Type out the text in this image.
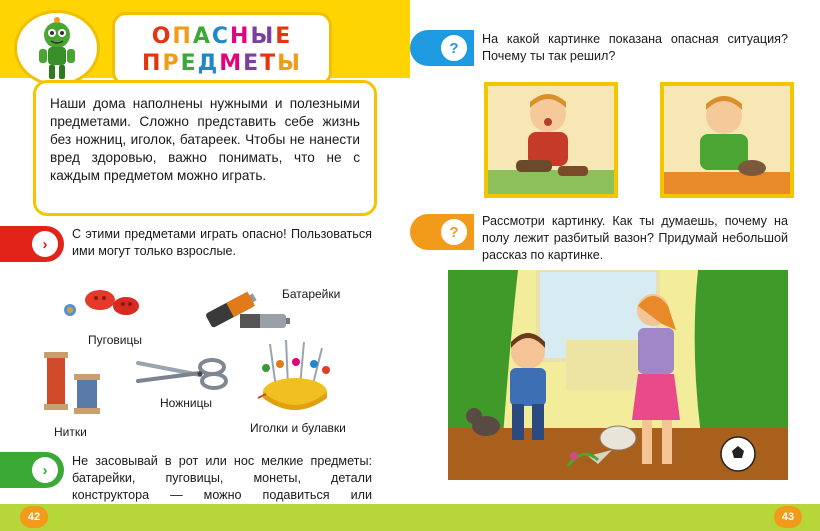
ОПАСНЫЕ
ПРЕДМЕТЫ
Наши дома наполнены нужными и полезными предметами. Сложно представить себе жизнь без ножниц, иголок, батареек. Чтобы не нанести вред здоровью, важно понимать, что не с каждым предметом можно играть.
›
С этими предметами играть опасно! Пользоваться ими могут только взрослые.
Пуговицы
Батарейки
Нитки
Ножницы
Иголки и булавки
›
Не засовывай в рот или нос мелкие предметы: батарейки, пуговицы, монеты, детали конструктора — можно подавиться или
?
На какой картинке показана опасная ситуация? Почему ты так решил?
?
Рассмотри картинку. Как ты думаешь, почему на полу лежит разбитый вазон? Придумай небольшой рассказ по картинке.
42	43
